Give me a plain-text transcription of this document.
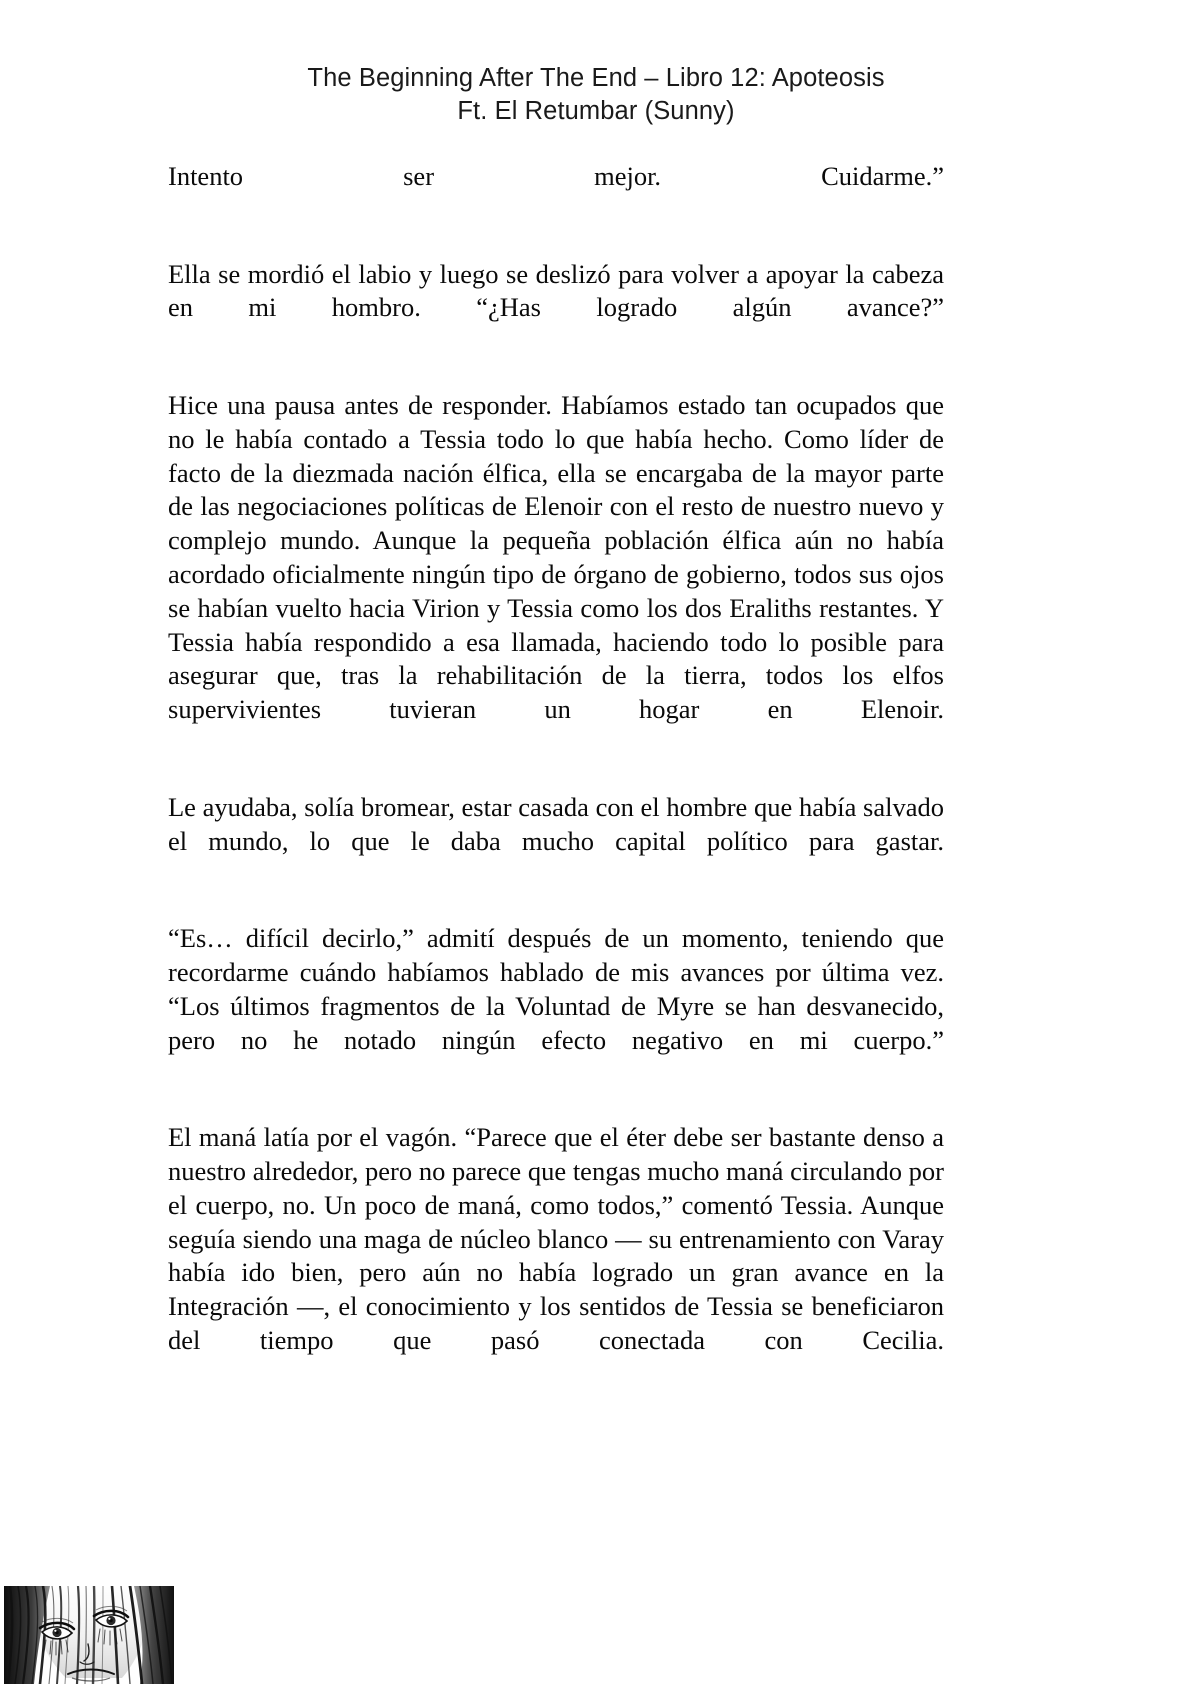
The Beginning After The End – Libro 12: Apoteosis
Ft. El Retumbar (Sunny)

Intento ser mejor. Cuidarme.”

Ella se mordió el labio y luego se deslizó para volver a apoyar la cabeza en mi hombro. “¿Has logrado algún avance?”

Hice una pausa antes de responder. Habíamos estado tan ocupados que no le había contado a Tessia todo lo que había hecho. Como líder de facto de la diezmada nación élfica, ella se encargaba de la mayor parte de las negociaciones políticas de Elenoir con el resto de nuestro nuevo y complejo mundo. Aunque la pequeña población élfica aún no había acordado oficialmente ningún tipo de órgano de gobierno, todos sus ojos se habían vuelto hacia Virion y Tessia como los dos Eraliths restantes. Y Tessia había respondido a esa llamada, haciendo todo lo posible para asegurar que, tras la rehabilitación de la tierra, todos los elfos supervivientes tuvieran un hogar en Elenoir.

Le ayudaba, solía bromear, estar casada con el hombre que había salvado el mundo, lo que le daba mucho capital político para gastar.

“Es… difícil decirlo,” admití después de un momento, teniendo que recordarme cuándo habíamos hablado de mis avances por última vez. “Los últimos fragmentos de la Voluntad de Myre se han desvanecido, pero no he notado ningún efecto negativo en mi cuerpo.”

El maná latía por el vagón. “Parece que el éter debe ser bastante denso a nuestro alrededor, pero no parece que tengas mucho maná circulando por el cuerpo, no. Un poco de maná, como todos,” comentó Tessia. Aunque seguía siendo una maga de núcleo blanco — su entrenamiento con Varay había ido bien, pero aún no había logrado un gran avance en la Integración —, el conocimiento y los sentidos de Tessia se beneficiaron del tiempo que pasó conectada con Cecilia.
